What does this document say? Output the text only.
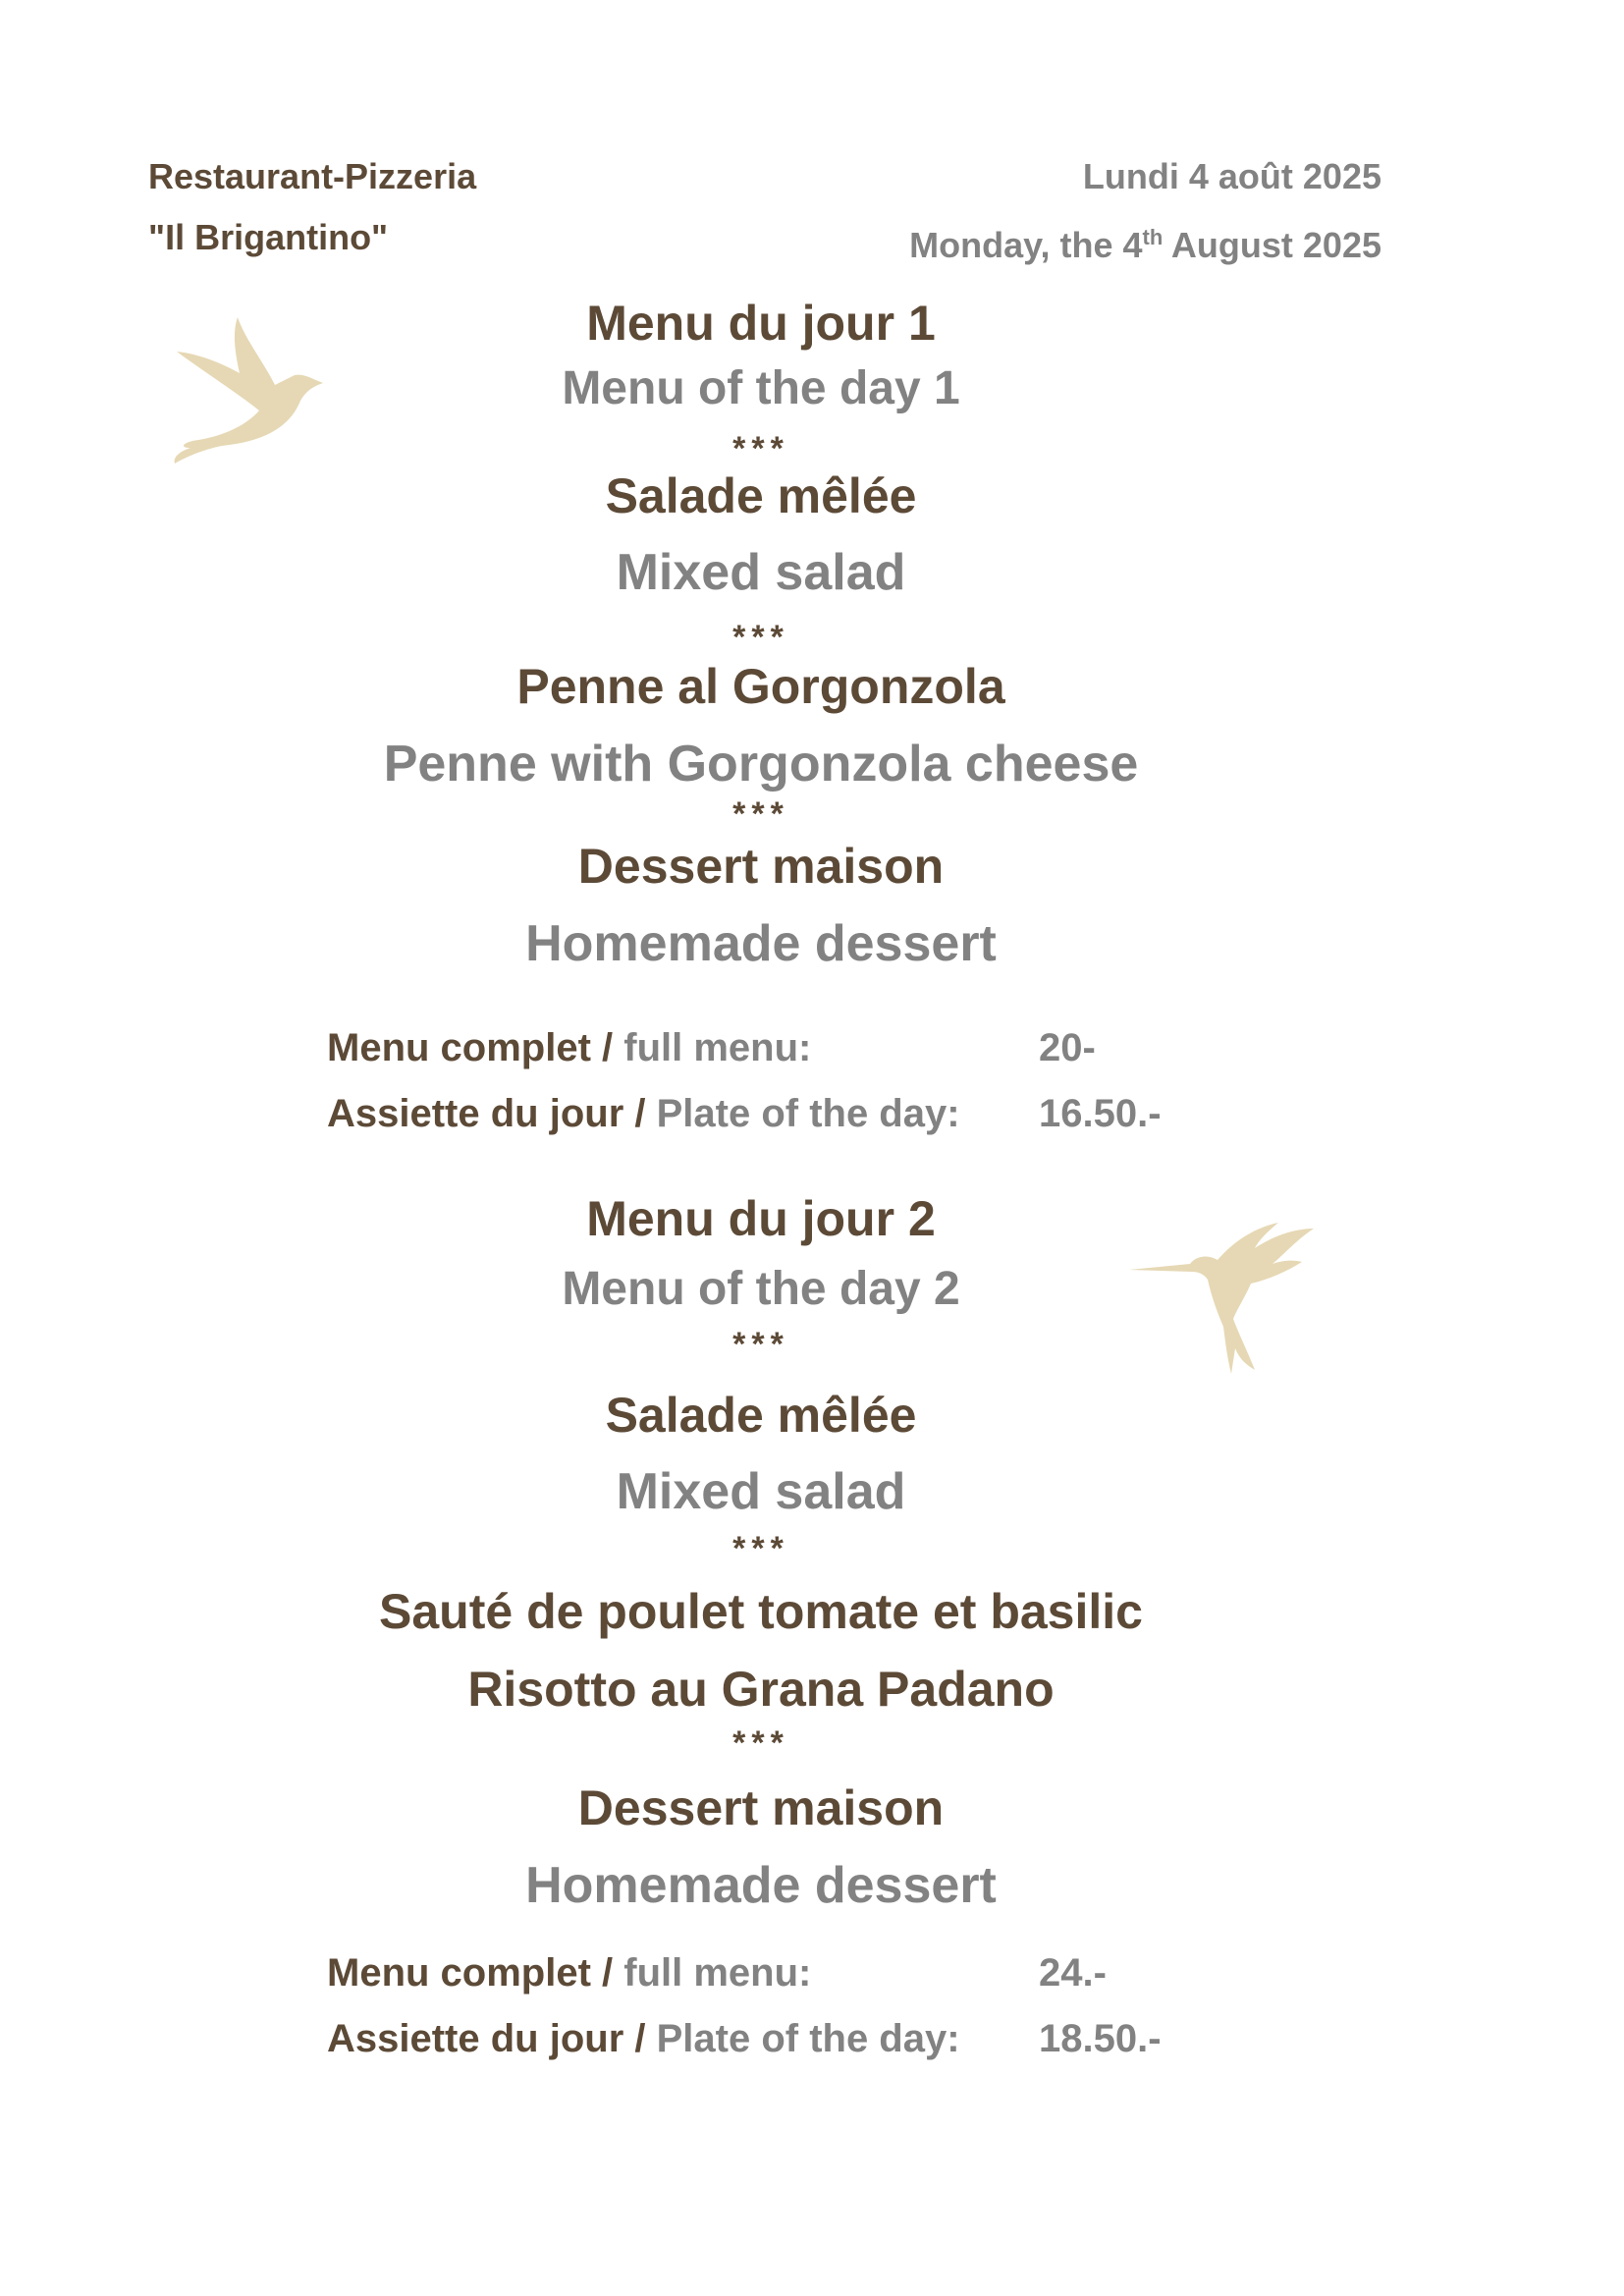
Restaurant-Pizzeria

"Il Brigantino"

Lundi 4 août 2025

Monday, the 4th August 2025

Menu du jour 1

Menu of the day 1

***

Salade mêlée

Mixed salad

***

Penne al Gorgonzola

***

Penne with Gorgonzola cheese

Dessert maison

Homemade dessert

Menu complet / full menu:	20-

Assiette du jour / Plate of the day: 16.50.-

Menu du jour 2

Menu of the day 2

***

Salade mêlée

Mixed salad

***

Sauté de poulet tomate et basilic

Risotto au Grana Padano

***

Dessert maison

Homemade dessert

Menu complet / full menu:	24.-

Assiette du jour / Plate of the day: 18.50.-
